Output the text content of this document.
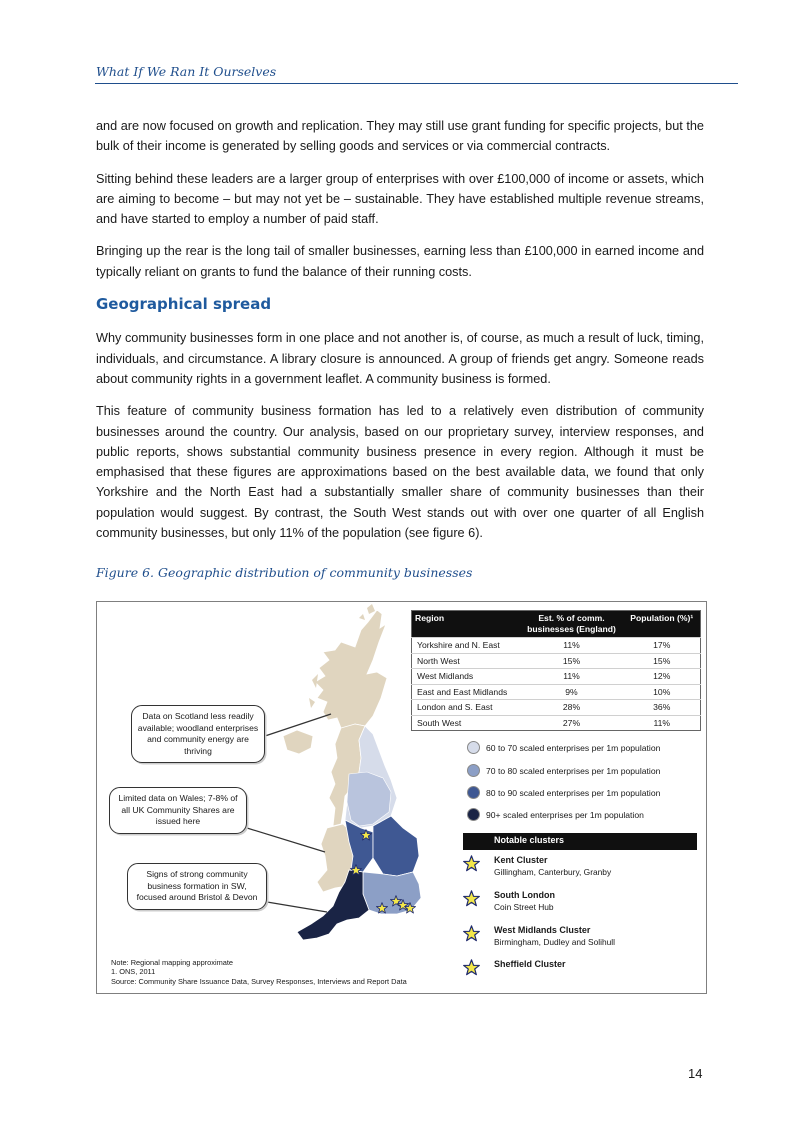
What If We Ran It Ourselves

and are now focused on growth and replication. They may still use grant funding for specific projects, but the bulk of their income is generated by selling goods and services or via commercial contracts.

Sitting behind these leaders are a larger group of enterprises with over £100,000 of income or assets, which are aiming to become – but may not yet be – sustainable. They have established multiple revenue streams, and have started to employ a number of paid staff.

Bringing up the rear is the long tail of smaller businesses, earning less than £100,000 in earned income and typically reliant on grants to fund the balance of their running costs.

Geographical spread

Why community businesses form in one place and not another is, of course, as much a result of luck, timing, individuals, and circumstance. A library closure is announced. A group of friends get angry. Someone reads about community rights in a government leaflet. A community business is formed.

This feature of community business formation has led to a relatively even distribution of community businesses around the country. Our analysis, based on our proprietary survey, interview responses, and public reports, shows substantial community business presence in every region. Although it must be emphasised that these figures are approximations based on the best available data, we found that only Yorkshire and the North East had a substantially smaller share of community businesses than their population would suggest. By contrast, the South West stands out with over one quarter of all English community businesses, but only 11% of the population (see figure 6).

Figure 6. Geographic distribution of community businesses
Region	Est. % of comm. businesses (England)	Population (%)¹
Yorkshire and N. East	11%	17%
North West	15%	15%
West Midlands	11%	12%
East and East Midlands	9%	10%
London and S. East	28%	36%
South West	27%	11%
60 to 70 scaled enterprises per 1m population
70 to 80 scaled enterprises per 1m population
80 to 90 scaled enterprises per 1m population
90+ scaled enterprises per 1m population
Notable clusters
Kent Cluster
Gillingham, Canterbury, Granby
South London
Coin Street Hub
West Midlands Cluster
Birmingham, Dudley and Solihull
Sheffield Cluster
Data on Scotland less readily available; woodland enterprises and community energy are thriving
Limited data on Wales; 7-8% of all UK Community Shares are issued here
Signs of strong community business formation in SW, focused around Bristol & Devon
Note: Regional mapping approximate
1. ONS, 2011
Source: Community Share Issuance Data, Survey Responses, Interviews and Report Data
14
